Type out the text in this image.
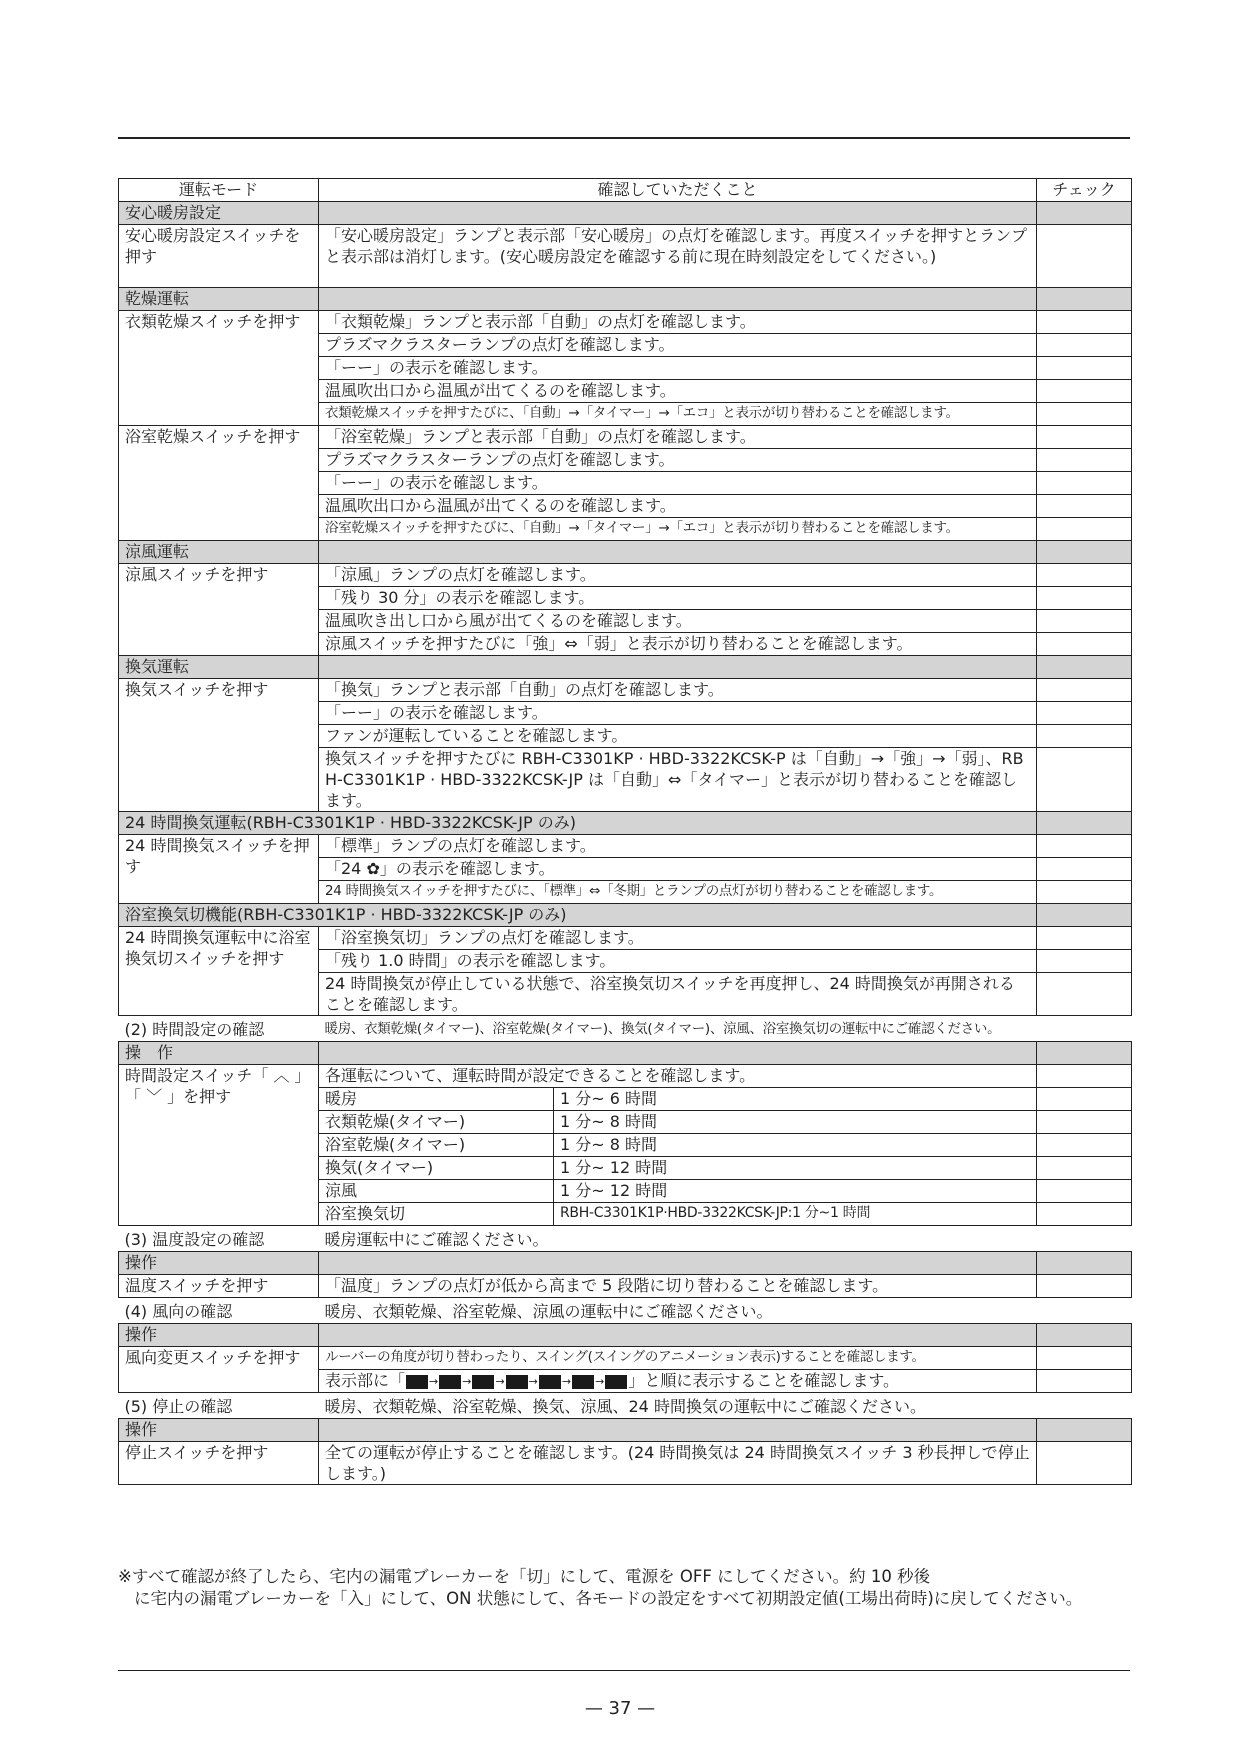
運転モード	確認していただくこと		チェック
安心暖房設定			
安心暖房設定スイッチを押す	「安心暖房設定」ランプと表示部「安心暖房」の点灯を確認します。再度スイッチを押すとランプと表示部は消灯します。(安心暖房設定を確認する前に現在時刻設定をしてください。)		
乾燥運転			
衣類乾燥スイッチを押す	「衣類乾燥」ランプと表示部「自動」の点灯を確認します。		
	プラズマクラスターランプの点灯を確認します。		
	「ーー」の表示を確認します。		
	温風吹出口から温風が出てくるのを確認します。		
	衣類乾燥スイッチを押すたびに、「自動」→「タイマー」→「エコ」と表示が切り替わることを確認します。		
浴室乾燥スイッチを押す	「浴室乾燥」ランプと表示部「自動」の点灯を確認します。		
	プラズマクラスターランプの点灯を確認します。		
	「ーー」の表示を確認します。		
	温風吹出口から温風が出てくるのを確認します。		
	浴室乾燥スイッチを押すたびに、「自動」→「タイマー」→「エコ」と表示が切り替わることを確認します。		
涼風運転			
涼風スイッチを押す	「涼風」ランプの点灯を確認します。		
	「残り 30 分」の表示を確認します。		
	温風吹き出し口から風が出てくるのを確認します。		
	涼風スイッチを押すたびに「強」⇔「弱」と表示が切り替わることを確認します。		
換気運転			
換気スイッチを押す	「換気」ランプと表示部「自動」の点灯を確認します。		
	「ーー」の表示を確認します。		
	ファンが運転していることを確認します。		
	換気スイッチを押すたびに RBH-C3301KP · HBD-3322KCSK-P は「自動」→「強」→「弱」、RBH-C3301K1P · HBD-3322KCSK-JP は「自動」⇔「タイマー」と表示が切り替わることを確認します。		
24 時間換気運転(RBH-C3301K1P · HBD-3322KCSK-JP のみ)			
24 時間換気スイッチを押す	「標準」ランプの点灯を確認します。		
	「24 ✿」の表示を確認します。		
	24 時間換気スイッチを押すたびに、「標準」⇔「冬期」とランプの点灯が切り替わることを確認します。		
浴室換気切機能(RBH-C3301K1P · HBD-3322KCSK-JP のみ)			
24 時間換気運転中に浴室換気切スイッチを押す	「浴室換気切」ランプの点灯を確認します。		
	「残り 1.0 時間」の表示を確認します。		
	24 時間換気が停止している状態で、浴室換気切スイッチを再度押し、24 時間換気が再開されることを確認します。		
(2) 時間設定の確認	暖房、衣類乾燥(タイマー)、浴室乾燥(タイマー)、換気(タイマー)、涼風、浴室換気切の運転中にご確認ください。		
操　作			
時間設定スイッチ「 ︿ 」「 ﹀ 」を押す	各運転について、運転時間が設定できることを確認します。		
	暖房	1 分~ 6 時間	
	衣類乾燥(タイマー)	1 分~ 8 時間	
	浴室乾燥(タイマー)	1 分~ 8 時間	
	換気(タイマー)	1 分~ 12 時間	
	涼風	1 分~ 12 時間	
	浴室換気切	RBH-C3301K1P·HBD-3322KCSK-JP:1 分~1 時間	
(3) 温度設定の確認	暖房運転中にご確認ください。		
操作			
温度スイッチを押す	「温度」ランプの点灯が低から高まで 5 段階に切り替わることを確認します。		
(4) 風向の確認	暖房、衣類乾燥、浴室乾燥、涼風の運転中にご確認ください。		
操作			
風向変更スイッチを押す	ルーバーの角度が切り替わったり、スイング(スイングのアニメーション表示)することを確認します。		
	表示部に「 → → → → → → 」と順に表示することを確認します。		
(5) 停止の確認	暖房、衣類乾燥、浴室乾燥、換気、涼風、24 時間換気の運転中にご確認ください。		
操作			
停止スイッチを押す	全ての運転が停止することを確認します。(24 時間換気は 24 時間換気スイッチ 3 秒長押しで停止します。)		
※すべて確認が終了したら、宅内の漏電ブレーカーを「切」にして、電源を OFF にしてください。約 10 秒後
に宅内の漏電ブレーカーを「入」にして、ON 状態にして、各モードの設定をすべて初期設定値(工場出荷時)に戻してください。
— 37 —
